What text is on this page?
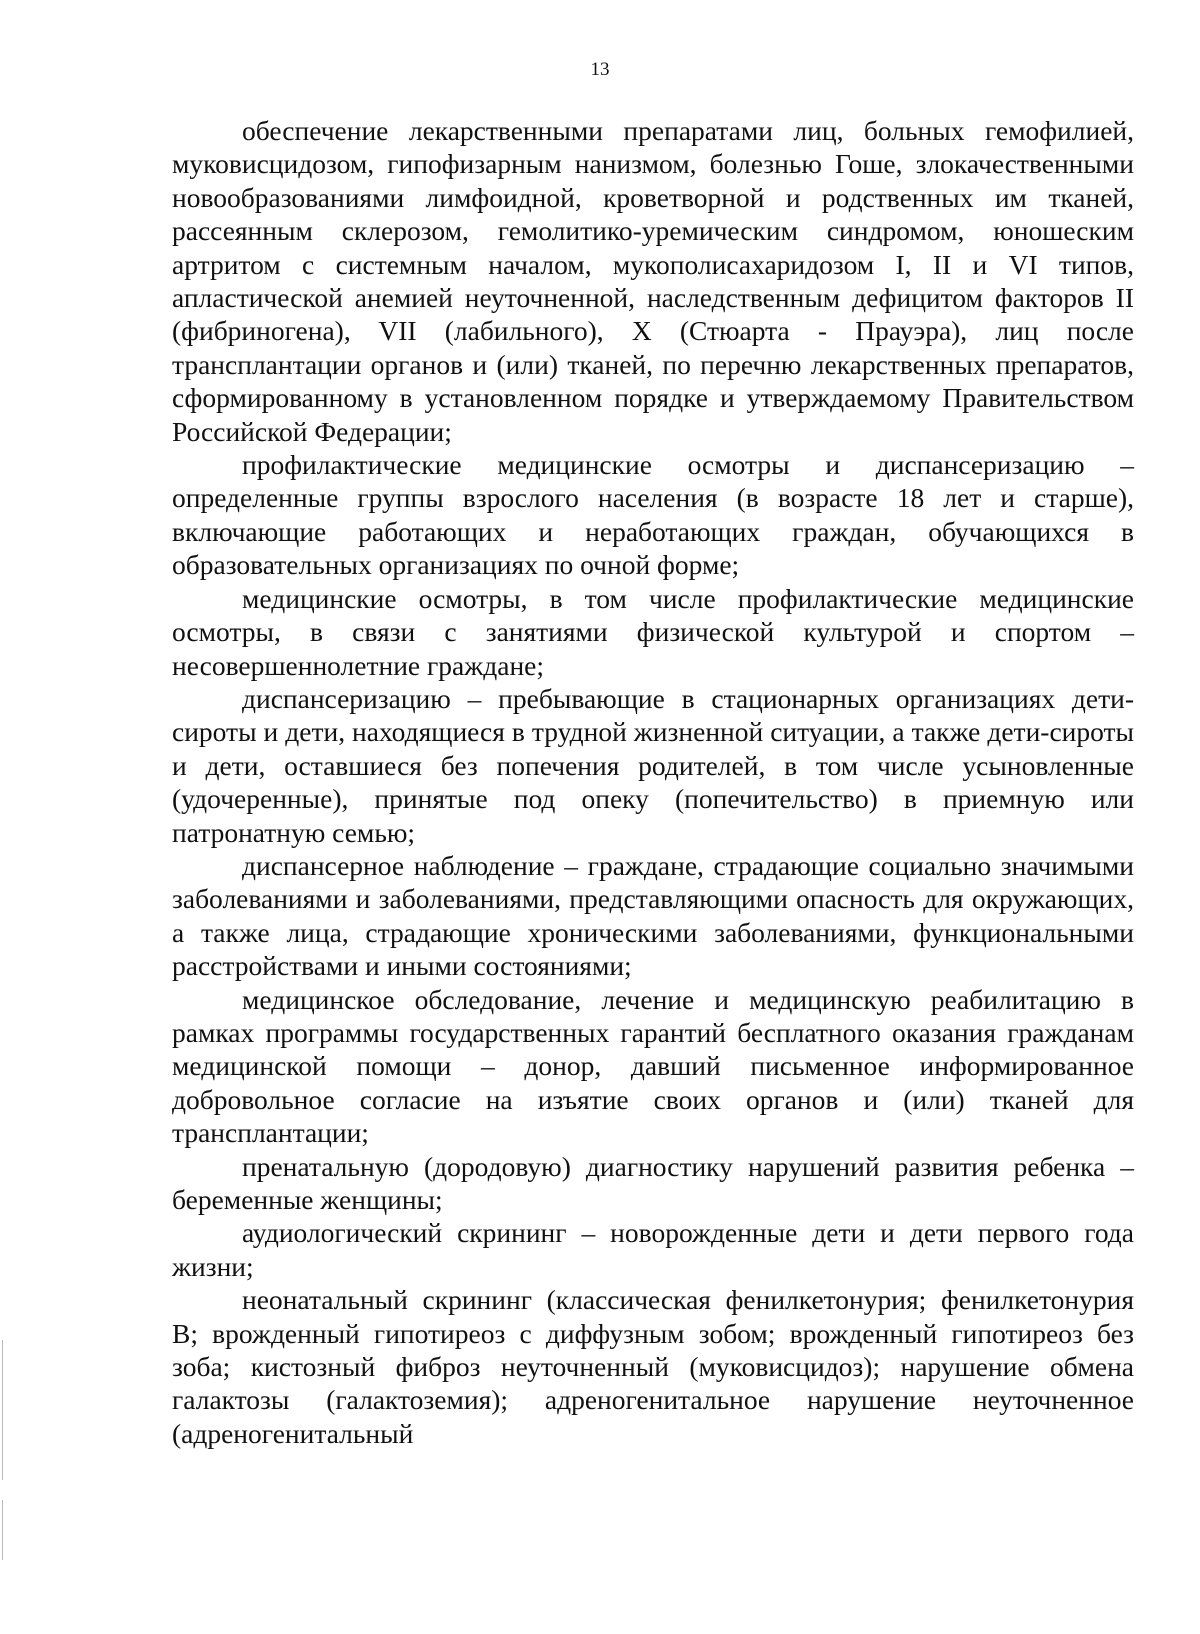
13

обеспечение лекарственными препаратами лиц, больных гемофилией, муковисцидозом, гипофизарным нанизмом, болезнью Гоше, злокачественными новообразованиями лимфоидной, кроветворной и родственных им тканей, рассеянным склерозом, гемолитико-уремическим синдромом, юношеским артритом с системным началом, мукополисахаридозом I, II и VI типов, апластической анемией неуточненной, наследственным дефицитом факторов II (фибриногена), VII (лабильного), X (Стюарта - Прауэра), лиц после трансплантации органов и (или) тканей, по перечню лекарственных препаратов, сформированному в установленном порядке и утверждаемому Правительством Российской Федерации;

профилактические медицинские осмотры и диспансеризацию – определенные группы взрослого населения (в возрасте 18 лет и старше), включающие работающих и неработающих граждан, обучающихся в образовательных организациях по очной форме;

медицинские осмотры, в том числе профилактические медицинские осмотры, в связи с занятиями физической культурой и спортом – несовершеннолетние граждане;

диспансеризацию – пребывающие в стационарных организациях дети-сироты и дети, находящиеся в трудной жизненной ситуации, а также дети-сироты и дети, оставшиеся без попечения родителей, в том числе усыновленные (удочеренные), принятые под опеку (попечительство) в приемную или патронатную семью;

диспансерное наблюдение – граждане, страдающие социально значимыми заболеваниями и заболеваниями, представляющими опасность для окружающих, а также лица, страдающие хроническими заболеваниями, функциональными расстройствами и иными состояниями;

медицинское обследование, лечение и медицинскую реабилитацию в рамках программы государственных гарантий бесплатного оказания гражданам медицинской помощи – донор, давший письменное информированное добровольное согласие на изъятие своих органов и (или) тканей для трансплантации;

пренатальную (дородовую) диагностику нарушений развития ребенка – беременные женщины;

аудиологический скрининг – новорожденные дети и дети первого года жизни;

неонатальный скрининг (классическая фенилкетонурия; фенилкетонурия B; врожденный гипотиреоз с диффузным зобом; врожденный гипотиреоз без зоба; кистозный фиброз неуточненный (муковисцидоз); нарушение обмена галактозы (галактоземия); адреногенитальное нарушение неуточненное (адреногенитальный
